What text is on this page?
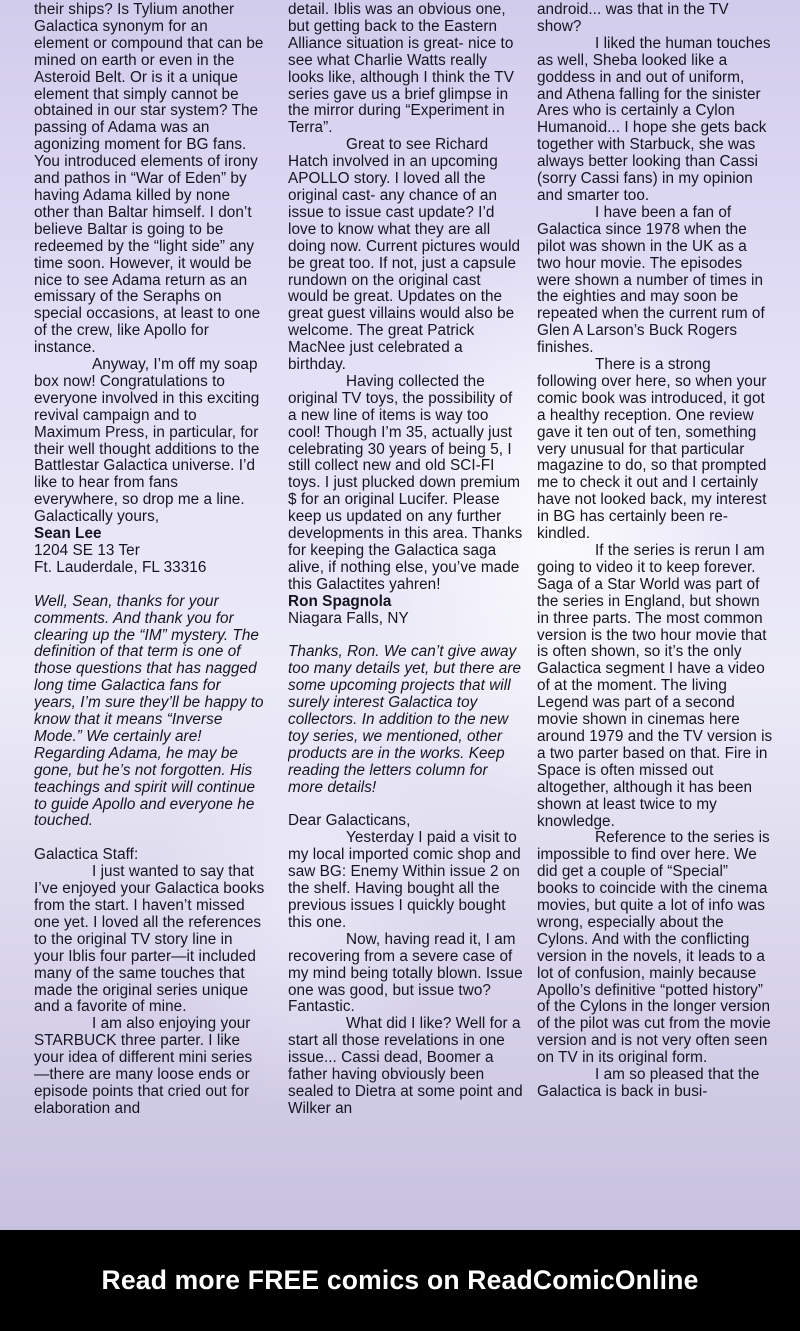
their ships? Is Tylium another Galactica synonym for an element or compound that can be mined on earth or even in the Asteroid Belt. Or is it a unique element that simply cannot be obtained in our star system? The passing of Adama was an agonizing moment for BG fans. You introduced elements of irony and pathos in “War of Eden” by having Adama killed by none other than Baltar himself. I don’t believe Baltar is going to be redeemed by the “light side” any time soon. However, it would be nice to see Adama return as an emissary of the Seraphs on special occasions, at least to one of the crew, like Apollo for instance.

Anyway, I’m off my soap box now! Congratulations to everyone involved in this exciting revival campaign and to Maximum Press, in particular, for their well thought additions to the Battlestar Galactica universe. I’d like to hear from fans everywhere, so drop me a line.

Galactically yours,

Sean Lee

1204 SE 13 Ter

Ft. Lauderdale, FL 33316

Well, Sean, thanks for your comments. And thank you for clearing up the “IM” mystery. The definition of that term is one of those questions that has nagged long time Galactica fans for years, I’m sure they’ll be happy to know that it means “Inverse Mode.” We certainly are! Regarding Adama, he may be gone, but he’s not forgotten. His teachings and spirit will continue to guide Apollo and everyone he touched.

Galactica Staff:

I just wanted to say that I’ve enjoyed your Galactica books from the start. I haven’t missed one yet. I loved all the references to the original TV story line in your Iblis four parter—it included many of the same touches that made the original series unique and a favorite of mine.

I am also enjoying your STARBUCK three parter. I like your idea of different mini series—there are many loose ends or episode points that cried out for elaboration and

detail. Iblis was an obvious one, but getting back to the Eastern Alliance situation is great- nice to see what Charlie Watts really looks like, although I think the TV series gave us a brief glimpse in the mirror during “Experiment in Terra”.

Great to see Richard Hatch involved in an upcoming APOLLO story. I loved all the original cast- any chance of an issue to issue cast update? I’d love to know what they are all doing now. Current pictures would be great too. If not, just a capsule rundown on the original cast would be great. Updates on the great guest villains would also be welcome. The great Patrick MacNee just celebrated a birthday.

Having collected the original TV toys, the possibility of a new line of items is way too cool! Though I’m 35, actually just celebrating 30 years of being 5, I still collect new and old SCI-FI toys. I just plucked down premium $ for an original Lucifer. Please keep us updated on any further developments in this area. Thanks for keeping the Galactica saga alive, if nothing else, you’ve made this Galactites yahren!

Ron Spagnola

Niagara Falls, NY

Thanks, Ron. We can’t give away too many details yet, but there are some upcoming projects that will surely interest Galactica toy collectors. In addition to the new toy series, we mentioned, other products are in the works. Keep reading the letters column for more details!

Dear Galacticans,

Yesterday I paid a visit to my local imported comic shop and saw BG: Enemy Within issue 2 on the shelf. Having bought all the previous issues I quickly bought this one.

Now, having read it, I am recovering from a severe case of my mind being totally blown. Issue one was good, but issue two? Fantastic.

What did I like? Well for a start all those revelations in one issue... Cassi dead, Boomer a father having obviously been sealed to Dietra at some point and Wilker an

android... was that in the TV show?

I liked the human touches as well, Sheba looked like a goddess in and out of uniform, and Athena falling for the sinister Ares who is certainly a Cylon Humanoid... I hope she gets back together with Starbuck, she was always better looking than Cassi (sorry Cassi fans) in my opinion and smarter too.

I have been a fan of Galactica since 1978 when the pilot was shown in the UK as a two hour movie. The episodes were shown a number of times in the eighties and may soon be repeated when the current rum of Glen A Larson’s Buck Rogers finishes.

There is a strong following over here, so when your comic book was introduced, it got a healthy reception. One review gave it ten out of ten, something very unusual for that particular magazine to do, so that prompted me to check it out and I certainly have not looked back, my interest in BG has certainly been re-kindled.

If the series is rerun I am going to video it to keep forever. Saga of a Star World was part of the series in England, but shown in three parts. The most common version is the two hour movie that is often shown, so it’s the only Galactica segment I have a video of at the moment. The living Legend was part of a second movie shown in cinemas here around 1979 and the TV version is a two parter based on that. Fire in Space is often missed out altogether, although it has been shown at least twice to my knowledge.

Reference to the series is impossible to find over here. We did get a couple of “Special” books to coincide with the cinema movies, but quite a lot of info was wrong, especially about the Cylons. And with the conflicting version in the novels, it leads to a lot of confusion, mainly because Apollo’s definitive “potted history” of the Cylons in the longer version of the pilot was cut from the movie version and is not very often seen on TV in its original form.

I am so pleased that the Galactica is back in busi-

Read more FREE comics on ReadComicOnline
